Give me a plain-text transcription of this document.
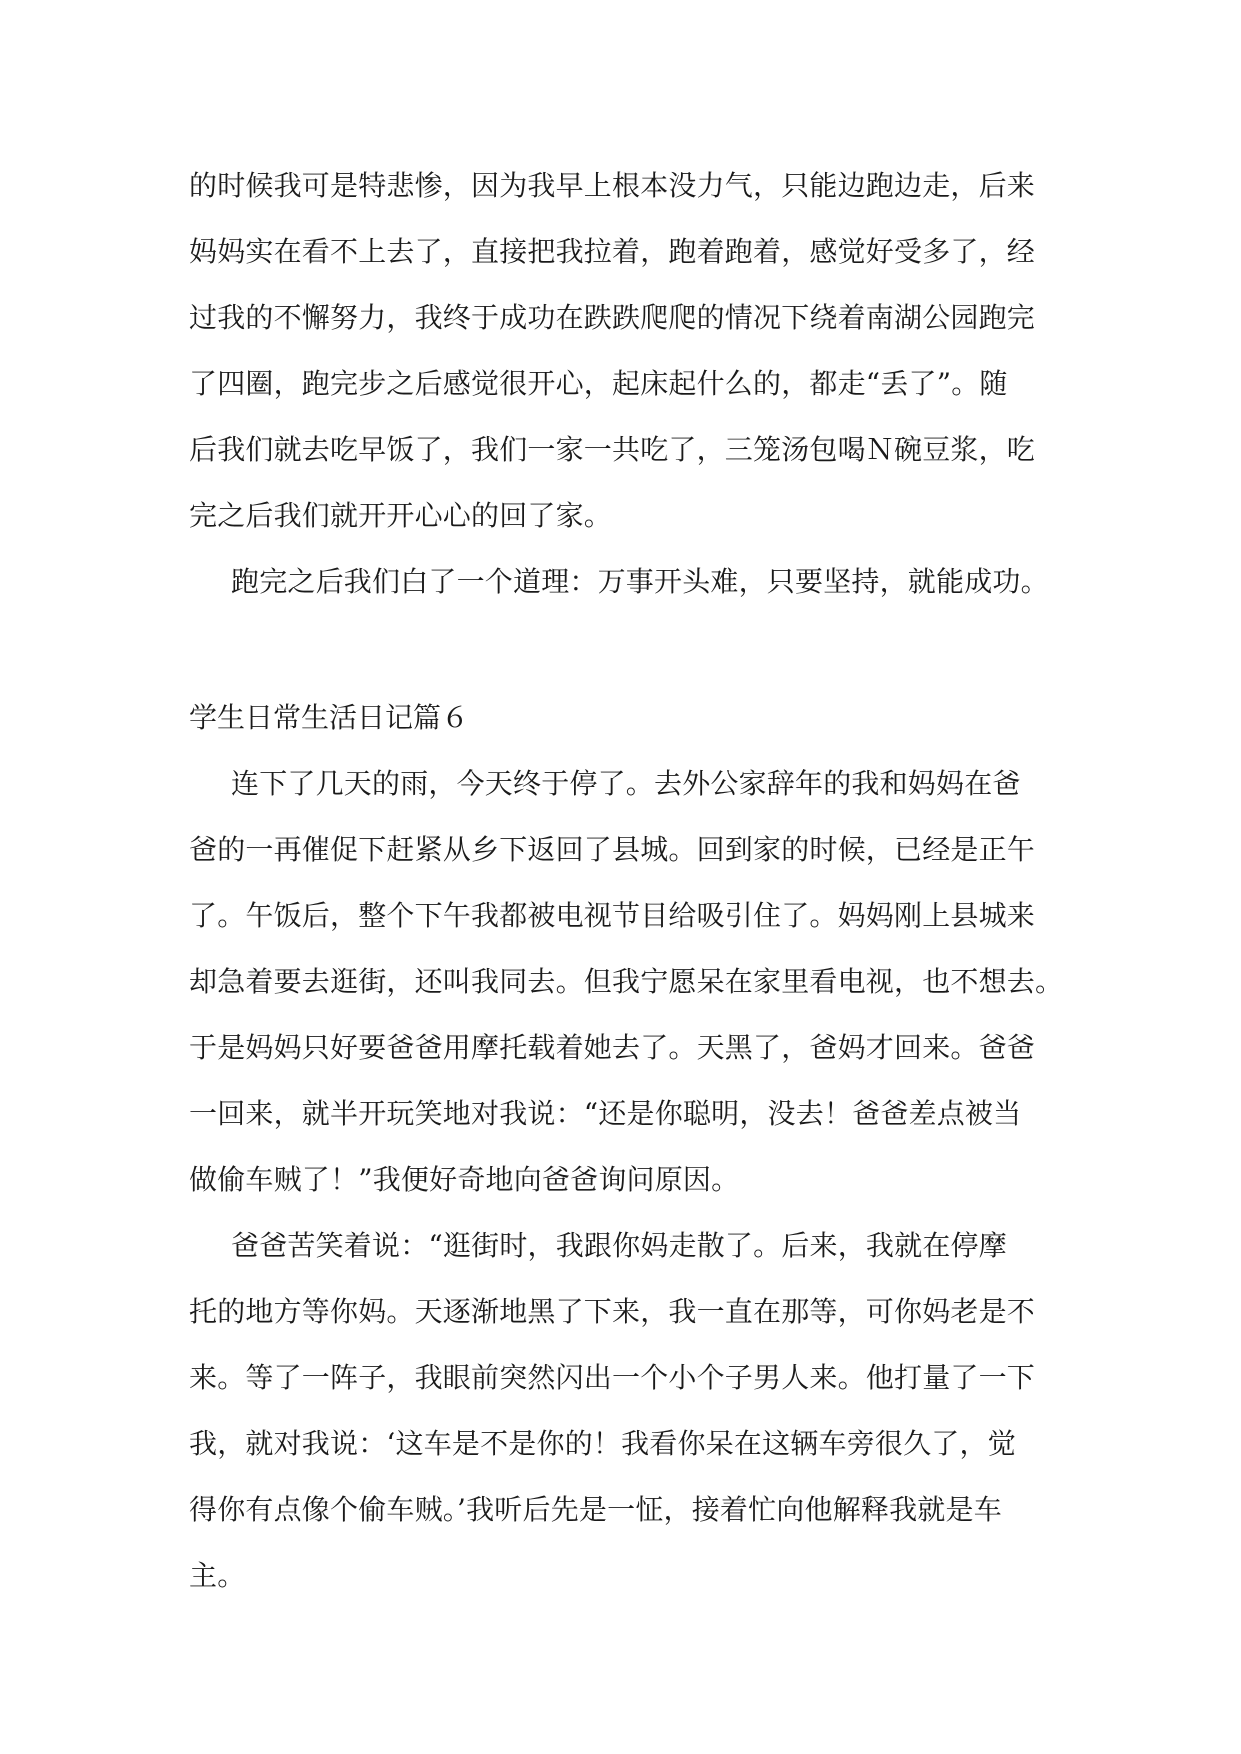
的时候我可是特悲惨，因为我早上根本没力气，只能边跑边走，后来
妈妈实在看不上去了，直接把我拉着，跑着跑着，感觉好受多了，经
过我的不懈努力，我终于成功在跌跌爬爬的情况下绕着南湖公园跑完
了四圈，跑完步之后感觉很开心，起床起什么的，都走“丢了”。随
后我们就去吃早饭了，我们一家一共吃了，三笼汤包喝Ｎ碗豆浆，吃
完之后我们就开开心心的回了家。
跑完之后我们白了一个道理：万事开头难，只要坚持，就能成功。
学生日常生活日记篇６
连下了几天的雨，今天终于停了。去外公家辞年的我和妈妈在爸
爸的一再催促下赶紧从乡下返回了县城。回到家的时候，已经是正午
了。午饭后，整个下午我都被电视节目给吸引住了。妈妈刚上县城来
却急着要去逛街，还叫我同去。但我宁愿呆在家里看电视，也不想去。
于是妈妈只好要爸爸用摩托载着她去了。天黑了，爸妈才回来。爸爸
一回来，就半开玩笑地对我说：“还是你聪明，没去！爸爸差点被当
做偷车贼了！”我便好奇地向爸爸询问原因。
爸爸苦笑着说：“逛街时，我跟你妈走散了。后来，我就在停摩
托的地方等你妈。天逐渐地黑了下来，我一直在那等，可你妈老是不
来。等了一阵子，我眼前突然闪出一个小个子男人来。他打量了一下
我，就对我说：‘这车是不是你的！我看你呆在这辆车旁很久了，觉
得你有点像个偷车贼。’我听后先是一怔，接着忙向他解释我就是车
主。
